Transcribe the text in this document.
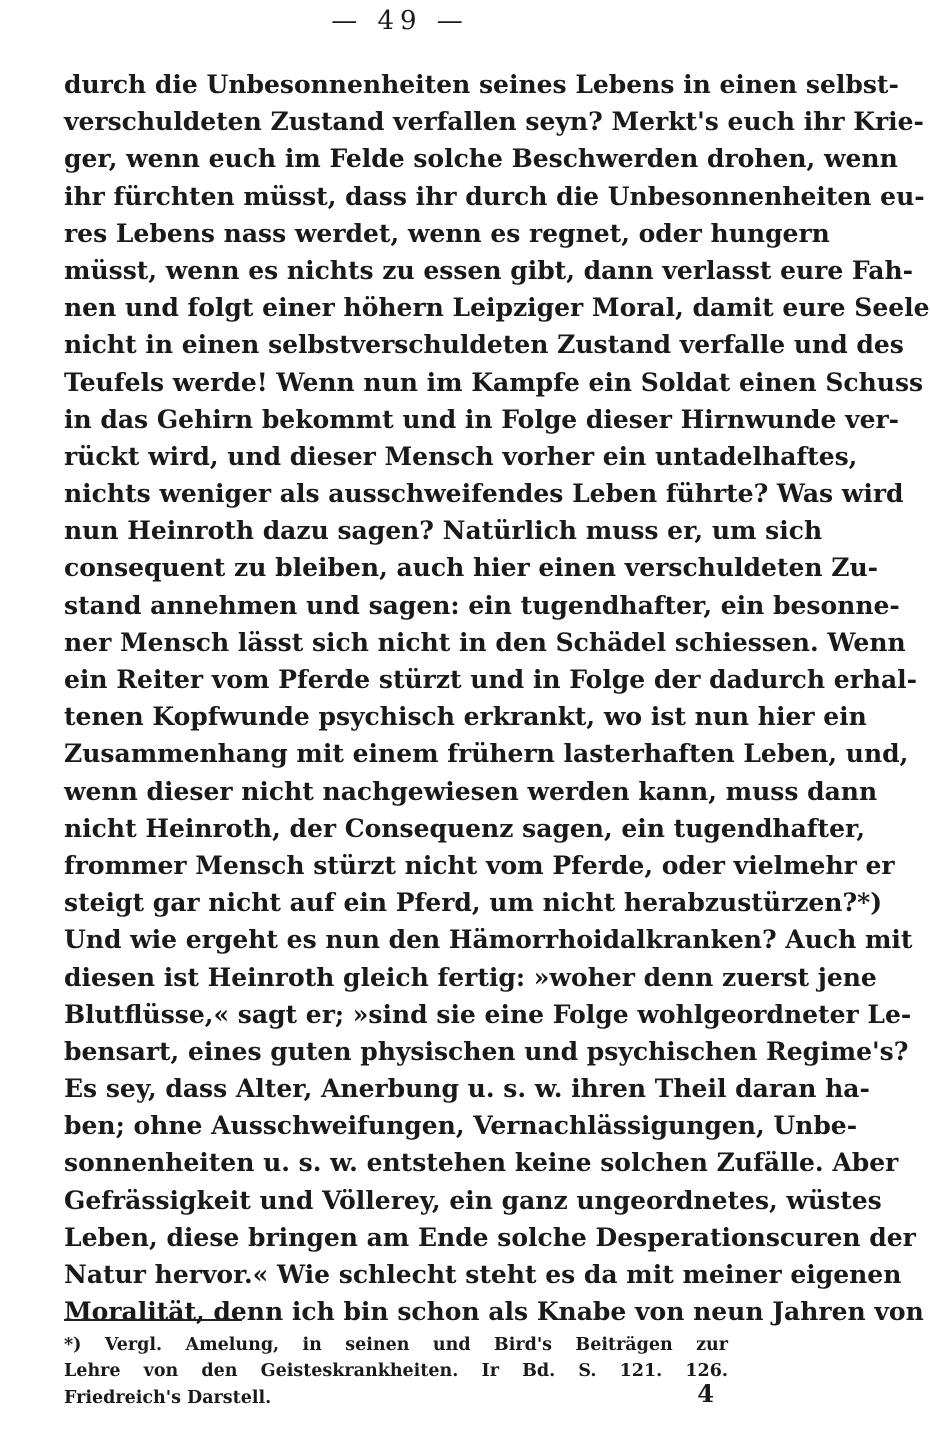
— 49 —
durch die Unbesonnenheiten seines Lebens in einen selbst-
verschuldeten Zustand verfallen seyn? Merkt's euch ihr Krie-
ger, wenn euch im Felde solche Beschwerden drohen, wenn
ihr fürchten müsst, dass ihr durch die Unbesonnenheiten eu-
res Lebens nass werdet, wenn es regnet, oder hungern
müsst, wenn es nichts zu essen gibt, dann verlasst eure Fah-
nen und folgt einer höhern Leipziger Moral, damit eure Seele
nicht in einen selbstverschuldeten Zustand verfalle und des
Teufels werde! Wenn nun im Kampfe ein Soldat einen Schuss
in das Gehirn bekommt und in Folge dieser Hirnwunde ver-
rückt wird, und dieser Mensch vorher ein untadelhaftes,
nichts weniger als ausschweifendes Leben führte? Was wird
nun Heinroth dazu sagen? Natürlich muss er, um sich
consequent zu bleiben, auch hier einen verschuldeten Zu-
stand annehmen und sagen: ein tugendhafter, ein besonne-
ner Mensch lässt sich nicht in den Schädel schiessen. Wenn
ein Reiter vom Pferde stürzt und in Folge der dadurch erhal-
tenen Kopfwunde psychisch erkrankt, wo ist nun hier ein
Zusammenhang mit einem frühern lasterhaften Leben, und,
wenn dieser nicht nachgewiesen werden kann, muss dann
nicht Heinroth, der Consequenz sagen, ein tugendhafter,
frommer Mensch stürzt nicht vom Pferde, oder vielmehr er
steigt gar nicht auf ein Pferd, um nicht herabzustürzen?*)
Und wie ergeht es nun den Hämorrhoidalkranken? Auch mit
diesen ist Heinroth gleich fertig: »woher denn zuerst jene
Blutflüsse,« sagt er; »sind sie eine Folge wohlgeordneter Le-
bensart, eines guten physischen und psychischen Regime's?
Es sey, dass Alter, Anerbung u. s. w. ihren Theil daran ha-
ben; ohne Ausschweifungen, Vernachlässigungen, Unbe-
sonnenheiten u. s. w. entstehen keine solchen Zufälle. Aber
Gefrässigkeit und Völlerey, ein ganz ungeordnetes, wüstes
Leben, diese bringen am Ende solche Desperationscuren der
Natur hervor.« Wie schlecht steht es da mit meiner eigenen
Moralität, denn ich bin schon als Knabe von neun Jahren von
*) Vergl. Amelung, in seinen und Bird's Beiträgen zur
Lehre von den Geisteskrankheiten. Ir Bd. S. 121. 126.
Friedreich's Darstell.	4
